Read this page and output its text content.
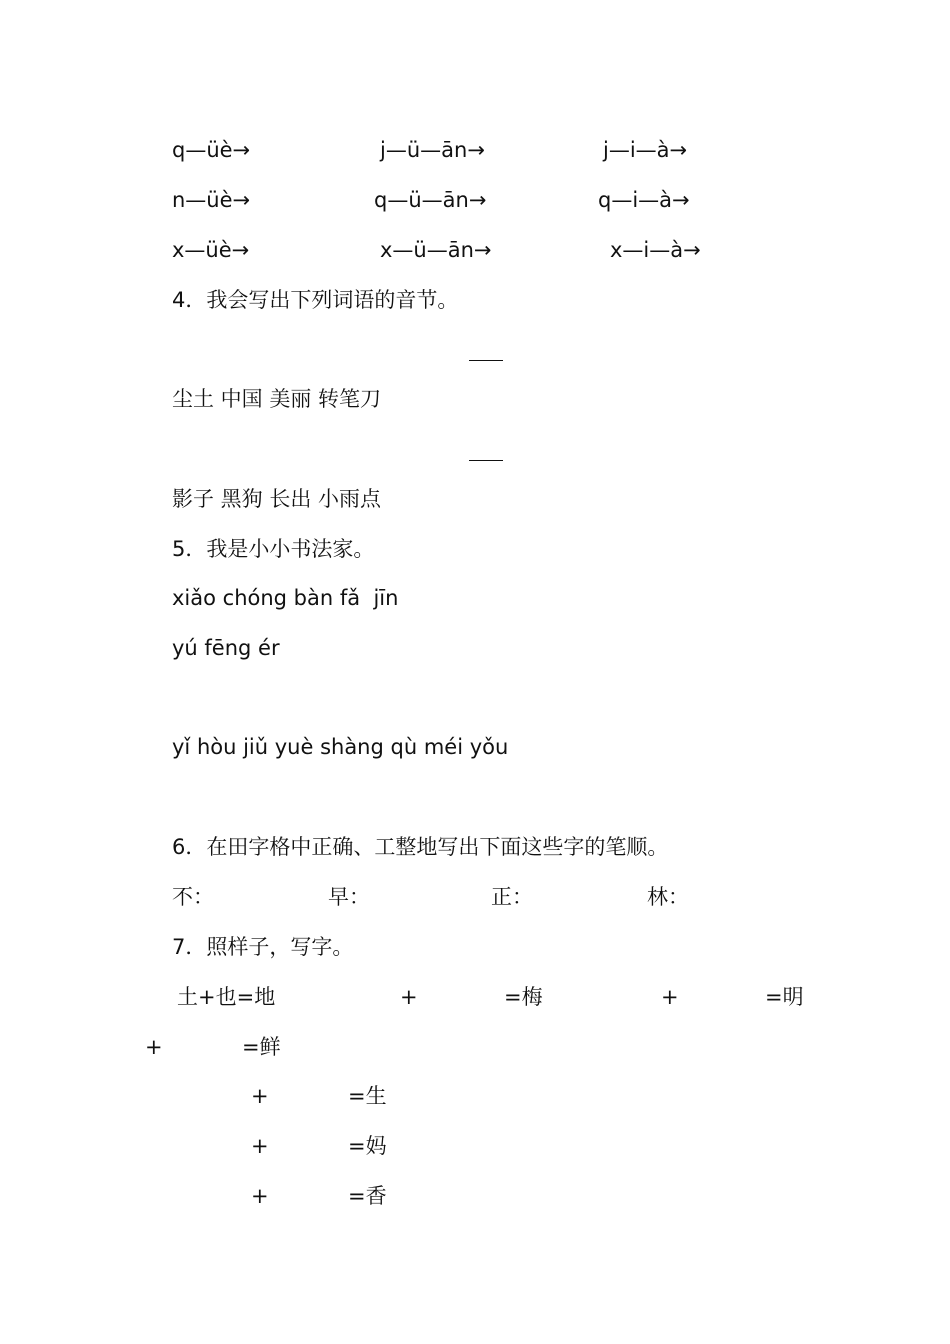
q—üè→	j—ü—ān→	j—i—à→
n—üè→	q—ü—ān→	q—i—à→
x—üè→	x—ü—ān→	x—i—à→
4．我会写出下列词语的音节。
尘土 中国 美丽 转笔刀
影子 黑狗 长出 小雨点
5．我是小小书法家。
xiǎo chóng bàn fǎ  jīn
yú fēng ér
yǐ hòu jiǔ yuè shàng qù méi yǒu
6．在田字格中正确、工整地写出下面这些字的笔顺。
不：	早：	正：	林：
7．照样子，写字。
土+也=地	+	=梅	+	=明
+	=鲜
+	=生
+	=妈
+	=香
